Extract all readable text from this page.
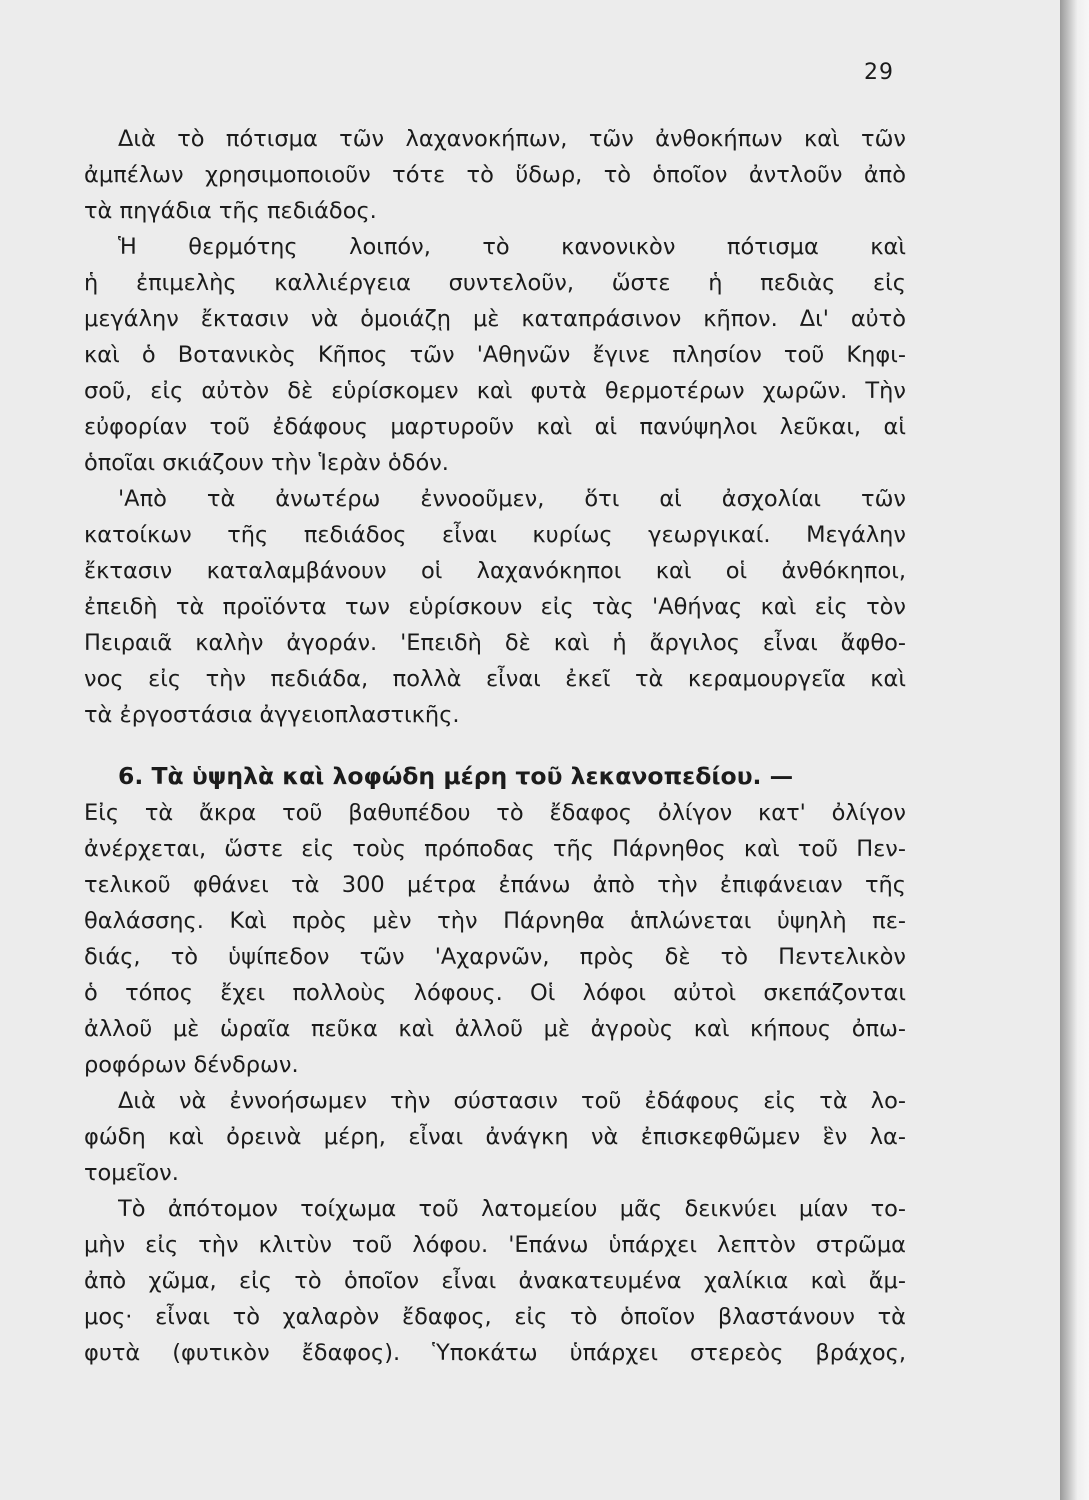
29
Διὰ τὸ πότισμα τῶν λαχανοκήπων, τῶν ἀνθοκήπων καὶ τῶν
ἀμπέλων χρησιμοποιοῦν τότε τὸ ὕδωρ, τὸ ὁποῖον ἀντλοῦν ἀπὸ
τὰ πηγάδια τῆς πεδιάδος.
Ἡ θερμότης λοιπόν, τὸ κανονικὸν πότισμα καὶ
ἡ ἐπιμελὴς καλλιέργεια συντελοῦν, ὥστε ἡ πεδιὰς εἰς
μεγάλην ἔκτασιν νὰ ὁμοιάζῃ μὲ καταπράσινον κῆπον. Δι' αὐτὸ
καὶ ὁ Βοτανικὸς Κῆπος τῶν 'Αθηνῶν ἔγινε πλησίον τοῦ Κηφι-
σοῦ, εἰς αὐτὸν δὲ εὑρίσκομεν καὶ φυτὰ θερμοτέρων χωρῶν. Τὴν
εὐφορίαν τοῦ ἐδάφους μαρτυροῦν καὶ αἱ πανύψηλοι λεῦκαι, αἱ
ὁποῖαι σκιάζουν τὴν Ἱερὰν ὁδόν.
'Απὸ τὰ ἀνωτέρω ἐννοοῦμεν, ὅτι αἱ ἀσχολίαι τῶν
κατοίκων τῆς πεδιάδος εἶναι κυρίως γεωργικαί. Μεγάλην
ἔκτασιν καταλαμβάνουν οἱ λαχανόκηποι καὶ οἱ ἀνθόκηποι,
ἐπειδὴ τὰ προϊόντα των εὑρίσκουν εἰς τὰς 'Αθήνας καὶ εἰς τὸν
Πειραιᾶ καλὴν ἀγοράν. 'Επειδὴ δὲ καὶ ἡ ἄργιλος εἶναι ἄφθο-
νος εἰς τὴν πεδιάδα, πολλὰ εἶναι ἐκεῖ τὰ κεραμουργεῖα καὶ
τὰ ἐργοστάσια ἀγγειοπλαστικῆς.
6. Τὰ ὑψηλὰ καὶ λοφώδη μέρη τοῦ λεκανοπεδίου. —
Εἰς τὰ ἄκρα τοῦ βαθυπέδου τὸ ἔδαφος ὀλίγον κατ' ὀλίγον
ἀνέρχεται, ὥστε εἰς τοὺς πρόποδας τῆς Πάρνηθος καὶ τοῦ Πεν-
τελικοῦ φθάνει τὰ 300 μέτρα ἐπάνω ἀπὸ τὴν ἐπιφάνειαν τῆς
θαλάσσης. Καὶ πρὸς μὲν τὴν Πάρνηθα ἁπλώνεται ὑψηλὴ πε-
διάς, τὸ ὑψίπεδον τῶν 'Αχαρνῶν, πρὸς δὲ τὸ Πεντελικὸν
ὁ τόπος ἔχει πολλοὺς λόφους. Οἱ λόφοι αὐτοὶ σκεπάζονται
ἀλλοῦ μὲ ὡραῖα πεῦκα καὶ ἀλλοῦ μὲ ἀγροὺς καὶ κήπους ὀπω-
ροφόρων δένδρων.
Διὰ νὰ ἐννοήσωμεν τὴν σύστασιν τοῦ ἐδάφους εἰς τὰ λο-
φώδη καὶ ὀρεινὰ μέρη, εἶναι ἀνάγκη νὰ ἐπισκεφθῶμεν ἓν λα-
τομεῖον.
Τὸ ἀπότομον τοίχωμα τοῦ λατομείου μᾶς δεικνύει μίαν το-
μὴν εἰς τὴν κλιτὺν τοῦ λόφου. 'Επάνω ὑπάρχει λεπτὸν στρῶμα
ἀπὸ χῶμα, εἰς τὸ ὁποῖον εἶναι ἀνακατευμένα χαλίκια καὶ ἄμ-
μος· εἶναι τὸ χαλαρὸν ἔδαφος, εἰς τὸ ὁποῖον βλαστάνουν τὰ
φυτὰ (φυτικὸν ἔδαφος). Ὑποκάτω ὑπάρχει στερεὸς βράχος,
